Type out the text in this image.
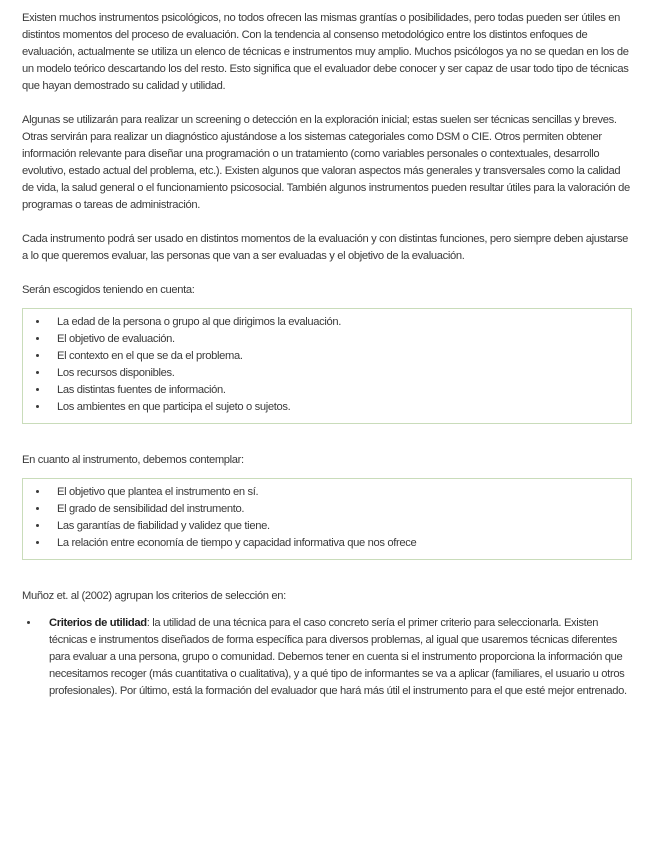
Existen muchos instrumentos psicológicos, no todos ofrecen las mismas grantías o posibilidades, pero todas pueden ser útiles en distintos momentos del proceso de evaluación. Con la tendencia al consenso metodológico entre los distintos enfoques de evaluación, actualmente se utiliza un elenco de técnicas e instrumentos muy amplio. Muchos psicólogos ya no se quedan en los de un modelo teórico descartando los del resto. Esto significa que el evaluador debe conocer y ser capaz de usar todo tipo de técnicas que hayan demostrado su calidad y utilidad.

Algunas se utilizarán para realizar un screening o detección en la exploración inicial; estas suelen ser técnicas sencillas y breves. Otras servirán para realizar un diagnóstico ajustándose a los sistemas categoriales como DSM o CIE. Otros permiten obtener información relevante para diseñar una programación o un tratamiento (como variables personales o contextuales, desarrollo evolutivo, estado actual del problema, etc.). Existen algunos que valoran aspectos más generales y transversales como la calidad de vida, la salud general o el funcionamiento psicosocial. También algunos instrumentos pueden resultar útiles para la valoración de programas o tareas de administración.

Cada instrumento podrá ser usado en distintos momentos de la evaluación y con distintas funciones, pero siempre deben ajustarse a lo que queremos evaluar, las personas que van a ser evaluadas y el objetivo de la evaluación.

Serán escogidos teniendo en cuenta:

• La edad de la persona o grupo al que dirigimos la evaluación.
• El objetivo de evaluación.
• El contexto en el que se da el problema.
• Los recursos disponibles.
• Las distintas fuentes de información.
• Los ambientes en que participa el sujeto o sujetos.

En cuanto al instrumento, debemos contemplar:

• El objetivo que plantea el instrumento en sí.
• El grado de sensibilidad del instrumento.
• Las garantías de fiabilidad y validez que tiene.
• La relación entre economía de tiempo y capacidad informativa que nos ofrece

Muñoz et. al (2002) agrupan los criterios de selección en:

• Criterios de utilidad: la utilidad de una técnica para el caso concreto sería el primer criterio para seleccionarla. Existen técnicas e instrumentos diseñados de forma específica para diversos problemas, al igual que usaremos técnicas diferentes para evaluar a una persona, grupo o comunidad. Debemos tener en cuenta si el instrumento proporciona la información que necesitamos recoger (más cuantitativa o cualitativa), y a qué tipo de informantes se va a aplicar (familiares, el usuario u otros profesionales). Por último, está la formación del evaluador que hará más útil el instrumento para el que esté mejor entrenado.
